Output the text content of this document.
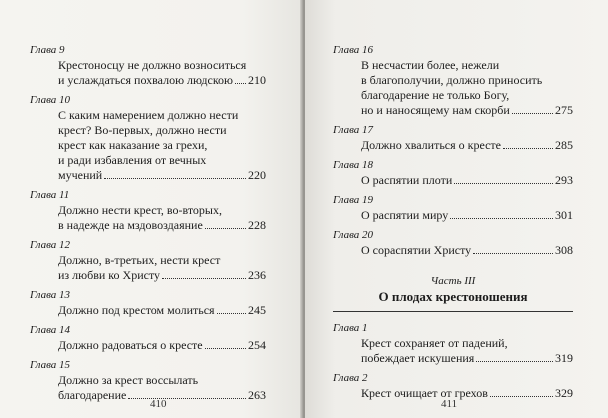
Глава 9
Крестоносцу не должно возноситься
и услаждаться похвалою людскою 210
Глава 10
С каким намерением должно нести
крест? Во-первых, должно нести
крест как наказание за грехи,
и ради избавления от вечных
мучений	220
Глава 11
Должно нести крест, во-вторых,
в надежде на мздовоздаяние	228
Глава 12
Должно, в-третьих, нести крест
из любви ко Христу	236
Глава 13
Должно под крестом молиться	245
Глава 14
Должно радоваться о кресте	254
Глава 15
Должно за крест воссылать
благодарение	263
410
Глава 16
В несчастии более, нежели
в благополучии, должно приносить
благодарение не только Богу,
но и наносящему нам скорби	275
Глава 17
Должно хвалиться о кресте	285
Глава 18
О распятии плоти	293
Глава 19
О распятии миру	301
Глава 20
О сораспятии Христу	308
Часть III
О плодах крестоношения
Глава 1
Крест сохраняет от падений,
побеждает искушения	319
Глава 2
Крест очищает от грехов	329
411
